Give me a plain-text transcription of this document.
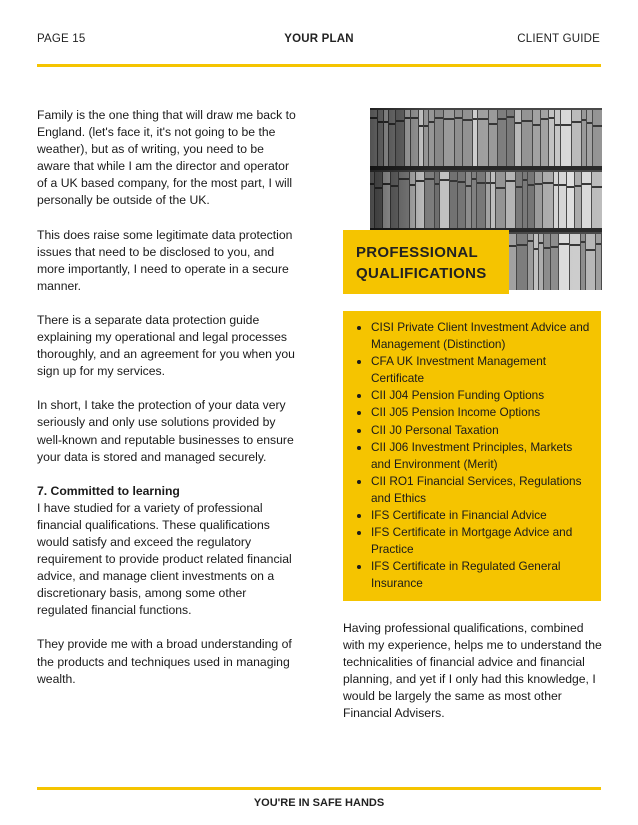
YOUR PLAN
PAGE 15	CLIENT GUIDE

Family is the one thing that will draw me back to England. (let's face it, it's not going to be the weather), but as of writing, you need to be aware that while I am the director and operator of a UK based company, for the most part, I will personally be outside of the UK.

This does raise some legitimate data protection issues that need to be disclosed to you, and more importantly, I need to operate in a secure manner.

There is a separate data protection guide explaining my operational and legal processes thoroughly, and an agreement for you when you sign up for my services.

In short, I take the protection of your data very seriously and only use solutions provided by well-known and reputable businesses to ensure your data is stored and managed securely.

7. Committed to learning
I have studied for a variety of professional financial qualifications. These qualifications would satisfy and exceed the regulatory requirement to provide product related financial advice, and manage client investments on a discretionary basis, among some other regulated financial functions.

They provide me with a broad understanding of the products and techniques used in managing wealth.

PROFESSIONAL
QUALIFICATIONS
• CISI Private Client Investment Advice and Management (Distinction)
• CFA UK Investment Management Certificate
• CII J04 Pension Funding Options
• CII J05 Pension Income Options
• CII J0 Personal Taxation
• CII J06 Investment Principles, Markets and Environment (Merit)
• CII RO1 Financial Services, Regulations and Ethics
• IFS Certificate in Financial Advice
• IFS Certificate in Mortgage Advice and Practice
• IFS Certificate in Regulated General Insurance
Having professional qualifications, combined with my experience, helps me to understand the technicalities of financial advice and financial planning, and yet if I only had this knowledge, I would be largely the same as most other Financial Advisers.
YOU'RE IN SAFE HANDS
